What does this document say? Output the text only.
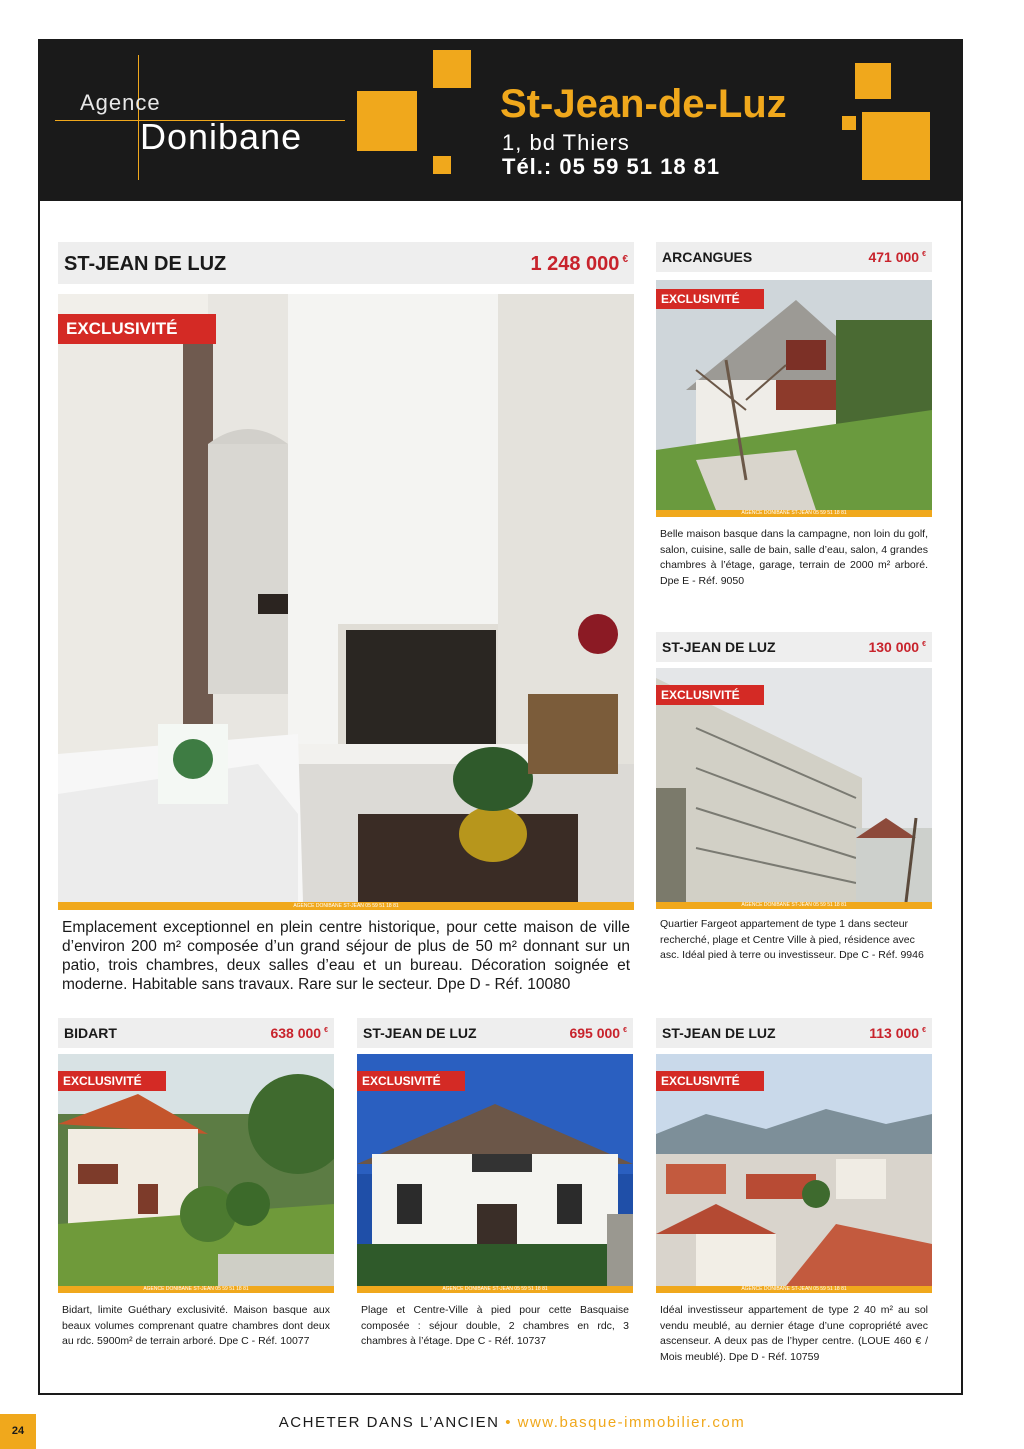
Agence
Donibane
St-Jean-de-Luz
1, bd Thiers
Tél.: 05 59 51 18 81
ST-JEAN DE LUZ	1 248 000 €
EXCLUSIVITÉ
AGENCE DONIBANE ST-JEAN 05 59 51 18 81
Emplacement exceptionnel en plein centre historique, pour cette maison de ville d’environ 200 m² composée d’un grand séjour de plus de 50 m² donnant sur un patio, trois chambres, deux salles d’eau et un bureau. Décoration soignée et moderne. Habitable sans travaux. Rare sur le secteur. Dpe D - Réf. 10080
ARCANGUES	471 000 €
EXCLUSIVITÉ
AGENCE DONIBANE ST-JEAN 05 59 51 18 81
Belle maison basque dans la campagne, non loin du golf, salon, cuisine, salle de bain, salle d’eau, salon, 4 grandes chambres à l’étage, garage, terrain de 2000 m² arboré. Dpe E - Réf. 9050
ST-JEAN DE LUZ	130 000 €
EXCLUSIVITÉ
AGENCE DONIBANE ST-JEAN 05 59 51 18 81
Quartier Fargeot appartement de type 1 dans secteur recherché, plage et Centre Ville à pied, résidence avec asc. Idéal pied à terre ou investisseur. Dpe C - Réf. 9946
BIDART	638 000 €
EXCLUSIVITÉ
AGENCE DONIBANE ST-JEAN 05 59 51 18 81
Bidart, limite Guéthary exclusivité. Maison basque aux beaux volumes comprenant quatre chambres dont deux au rdc. 5900m² de terrain arboré. Dpe C - Réf. 10077
ST-JEAN DE LUZ	695 000 €
EXCLUSIVITÉ
AGENCE DONIBANE ST-JEAN 05 59 51 18 81
Plage et Centre-Ville à pied pour cette Basquaise composée : séjour double, 2 chambres en rdc, 3 chambres à l’étage. Dpe C - Réf. 10737
ST-JEAN DE LUZ	113 000 €
EXCLUSIVITÉ
AGENCE DONIBANE ST-JEAN 05 59 51 18 81
Idéal investisseur appartement de type 2 40 m² au sol vendu meublé, au dernier étage d’une copropriété avec ascenseur. A deux pas de l’hyper centre. (LOUE 460 € / Mois meublé). Dpe D - Réf. 10759
24	ACHETER DANS L’ANCIEN • www.basque-immobilier.com
